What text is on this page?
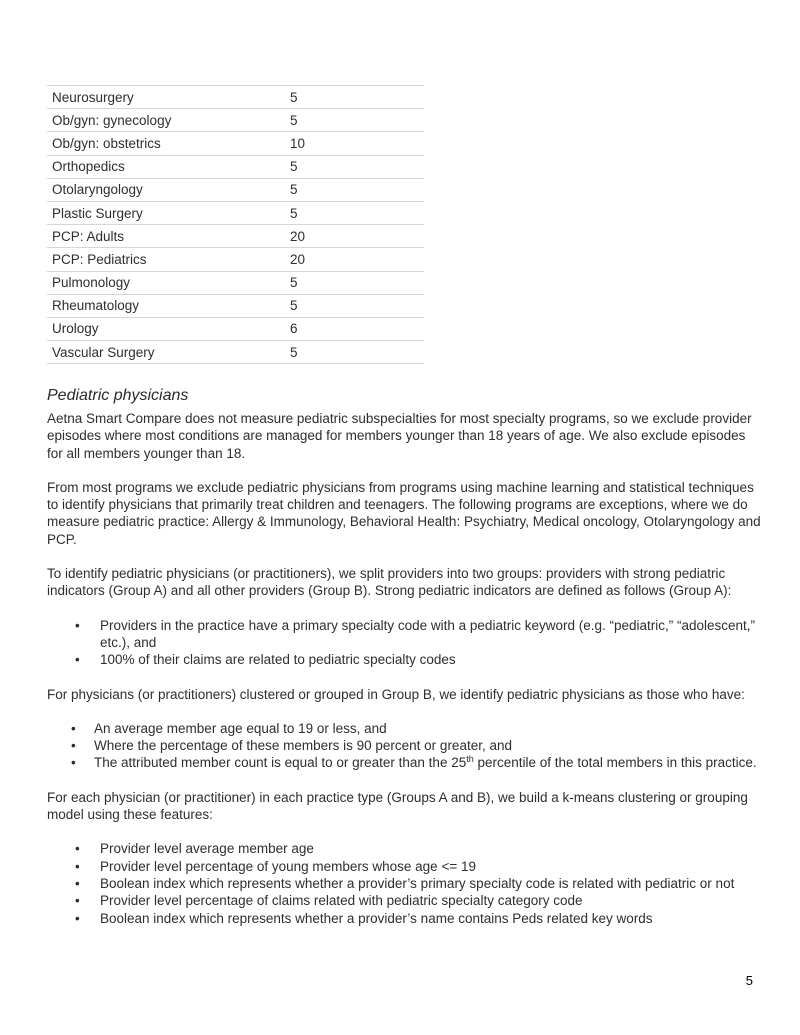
Neurosurgery	5
Ob/gyn: gynecology	5
Ob/gyn: obstetrics	10
Orthopedics	5
Otolaryngology	5
Plastic Surgery	5
PCP: Adults	20
PCP: Pediatrics	20
Pulmonology	5
Rheumatology	5
Urology	6
Vascular Surgery	5
Pediatric physicians

Aetna Smart Compare does not measure pediatric subspecialties for most specialty programs, so we exclude provider episodes where most conditions are managed for members younger than 18 years of age. We also exclude episodes for all members younger than 18.

From most programs we exclude pediatric physicians from programs using machine learning and statistical techniques to identify physicians that primarily treat children and teenagers. The following programs are exceptions, where we do measure pediatric practice: Allergy & Immunology, Behavioral Health: Psychiatry, Medical oncology, Otolaryngology and PCP.

To identify pediatric physicians (or practitioners), we split providers into two groups: providers with strong pediatric indicators (Group A) and all other providers (Group B). Strong pediatric indicators are defined as follows (Group A):

• Providers in the practice have a primary specialty code with a pediatric keyword (e.g. “pediatric,” “adolescent,” etc.), and
• 100% of their claims are related to pediatric specialty codes

For physicians (or practitioners) clustered or grouped in Group B, we identify pediatric physicians as those who have:

• An average member age equal to 19 or less, and
• Where the percentage of these members is 90 percent or greater, and
• The attributed member count is equal to or greater than the 25th percentile of the total members in this practice.

For each physician (or practitioner) in each practice type (Groups A and B), we build a k-means clustering or grouping model using these features:

• Provider level average member age
• Provider level percentage of young members whose age <= 19
• Boolean index which represents whether a provider’s primary specialty code is related with pediatric or not
• Provider level percentage of claims related with pediatric specialty category code
• Boolean index which represents whether a provider’s name contains Peds related key words
5
